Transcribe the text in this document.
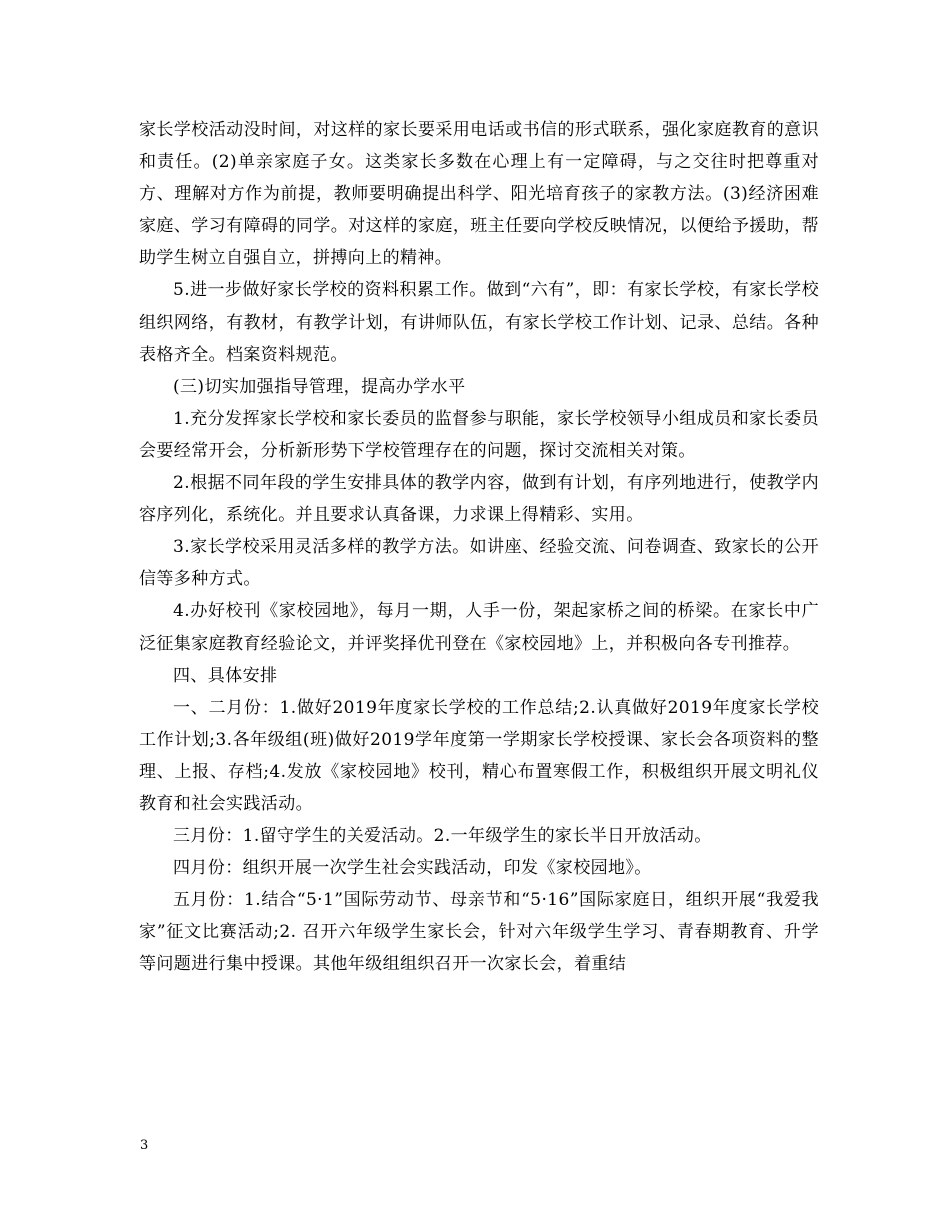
家长学校活动没时间，对这样的家长要采用电话或书信的形式联系，强化家庭教育的意识和责任。(2)单亲家庭子女。这类家长多数在心理上有一定障碍，与之交往时把尊重对方、理解对方作为前提，教师要明确提出科学、阳光培育孩子的家教方法。(3)经济困难家庭、学习有障碍的同学。对这样的家庭，班主任要向学校反映情况，以便给予援助，帮助学生树立自强自立，拼搏向上的精神。

5.进一步做好家长学校的资料积累工作。做到“六有”，即：有家长学校，有家长学校组织网络，有教材，有教学计划，有讲师队伍，有家长学校工作计划、记录、总结。各种表格齐全。档案资料规范。

(三)切实加强指导管理，提高办学水平

1.充分发挥家长学校和家长委员的监督参与职能，家长学校领导小组成员和家长委员会要经常开会，分析新形势下学校管理存在的问题，探讨交流相关对策。

2.根据不同年段的学生安排具体的教学内容，做到有计划，有序列地进行，使教学内容序列化，系统化。并且要求认真备课，力求课上得精彩、实用。

3.家长学校采用灵活多样的教学方法。如讲座、经验交流、问卷调查、致家长的公开信等多种方式。

4.办好校刊《家校园地》，每月一期，人手一份，架起家桥之间的桥梁。在家长中广泛征集家庭教育经验论文，并评奖择优刊登在《家校园地》上，并积极向各专刊推荐。

四、具体安排

一、二月份：1.做好2019年度家长学校的工作总结;2.认真做好2019年度家长学校工作计划;3.各年级组(班)做好2019学年度第一学期家长学校授课、家长会各项资料的整理、上报、存档;4.发放《家校园地》校刊，精心布置寒假工作，积极组织开展文明礼仪教育和社会实践活动。

三月份：1.留守学生的关爱活动。2.一年级学生的家长半日开放活动。

四月份：组织开展一次学生社会实践活动，印发《家校园地》。

五月份：1.结合“5·1”国际劳动节、母亲节和“5·16”国际家庭日，组织开展“我爱我家”征文比赛活动;2. 召开六年级学生家长会，针对六年级学生学习、青春期教育、升学等问题进行集中授课。其他年级组组织召开一次家长会，着重结

3
